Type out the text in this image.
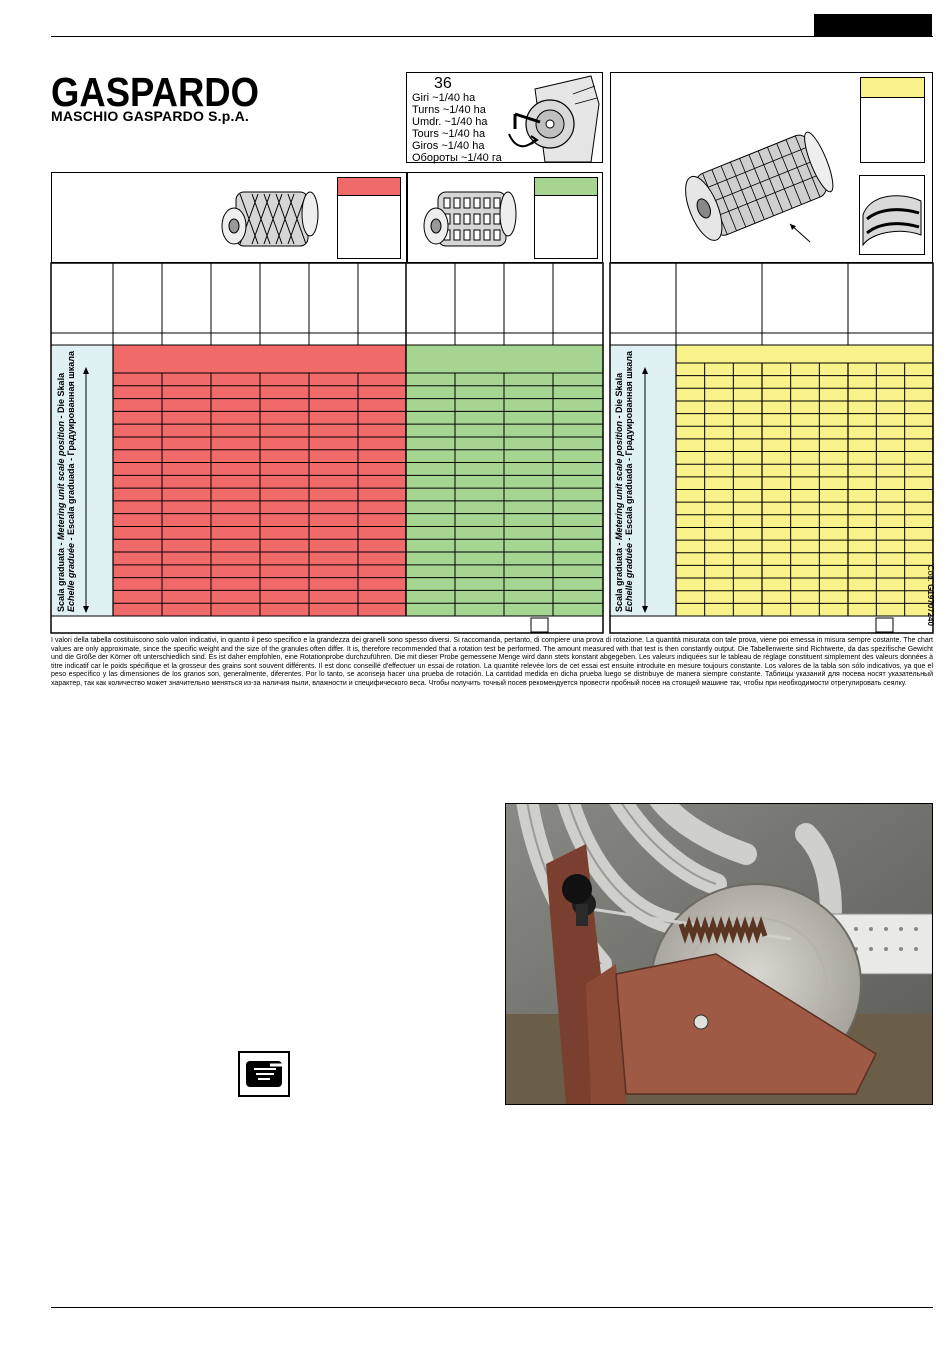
GASPARDO
MASCHIO GASPARDO S.p.A.
36
Giri ~1/40 ha
Turns ~1/40 ha
Umdr. ~1/40 ha
Tours ~1/40 ha
Giros ~1/40 ha
Обороты ~1/40 га
Scala graduata - Metering unit scale position - Die Skala
Echelle graduée - Escala graduada - Градуированная шкала
Scala graduata - Metering unit scale position - Die Skala
Echelle graduée - Escala graduada - Градуированная шкала
Cod. G19707240
I valori della tabella costituiscono solo valori indicativi, in quanto il peso specifico e la grandezza dei granelli sono spesso diversi. Si raccomanda, pertanto, di compiere una prova di rotazione. La quantità misurata con tale prova, viene poi emessa in misura sempre costante. The chart values are only approximate, since the specific weight and the size of the granules often differ. It is, therefore recommended that a rotation test be performed. The amount measured with that test is then constantly output. Die Tabellenwerte sind Richtwerte, da das spezifische Gewicht und die Größe der Körner oft unterschiedlich sind. Es ist daher empfohlen, eine Rotationprobe durchzuführen. Die mit dieser Probe gemessene Menge wird dann stets konstant abgegeben. Les valeurs indiquées sur le tableau de réglage constituent simplement des valeurs données à titre indicatif car le poids spécifique et la grosseur des grains sont souvent différents. Il est donc conseillé d'effectuer un essai de rotation. La quantité relevée lors de cet essai est ensuite introduite en mesure toujours constante. Los valores de la tabla son sólo indicativos, ya que el peso específico y las dimensiones de los granos son, generalmente, diferentes. Por lo tanto, se aconseja hacer una prueba de rotación. La cantidad medida en dicha prueba luego se distribuye de manera siempre constante. Таблицы указаний для посева носят указательный характер, так как количество может значительно меняться из-за наличия пыли, влажности и специфического веса. Чтобы получить точный посев рекомендуется провести пробный посев на стоящей машине так, чтобы при необходимости отрегулировать сеялку.
1
